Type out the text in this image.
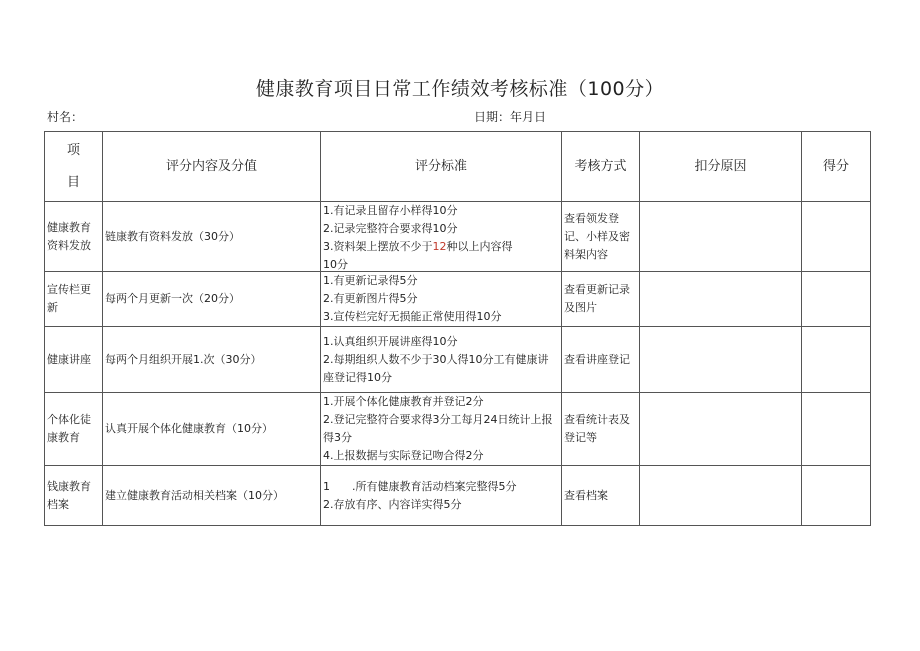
健康教育项目日常工作绩效考核标准（100分）
村名：	日期：年月日
项
目	评分内容及分值	评分标准	考核方式	扣分原因	得分
健康教育资料发放	链康教有资料发放（30分）	1.有记录且留存小样得10分
2.记录完整符合要求得10分
3.资料架上摆放不少于12种以上内容得
10分	查看领发登记、小样及密料架内容		
宣传栏更新	每两个月更新一次（20分）	1.有更新记录得5分
2.有更新图片得5分
3.宣传栏完好无损能正常使用得10分	查看更新记录及图片		
健康讲座	每两个月组织开展1.次（30分）	1.认真组织开展讲座得10分
2.每期组织人数不少于30人得10分工有健康讲座登记得10分	查看讲座登记		
个体化徒康教育	认真开展个体化健康教育（10分）	1.开展个体化健康教育并登记2分
2.登记完整符合要求得3分工每月24日统计上报得3分
4.上报数据与实际登记吻合得2分	查看统计表及登记等		
钱康教育档案	建立健康教育活动相关档案（10分）	1　　.所有健康教育活动档案完整得5分
2.存放有序、内容详实得5分	查看档案		
